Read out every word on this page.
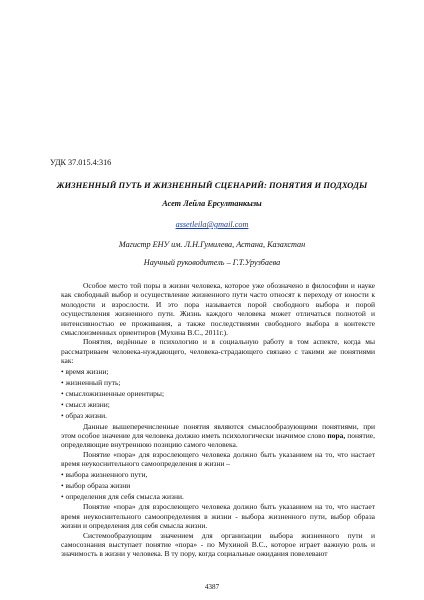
УДК 37.015.4:316
ЖИЗНЕННЫЙ ПУТЬ И ЖИЗНЕННЫЙ СЦЕНАРИЙ: ПОНЯТИЯ И ПОДХОДЫ
Асет Лейла Ерсултанкызы
assetleila@gmail.com
Магистр ЕНУ им. Л.Н.Гумилева, Астана, Казахстан
Научный руководитель – Г.Т.Урузбаева

Особое место той поры в жизни человека, которое уже обозначено в философии и науке как свободный выбор и осуществление жизненного пути часто относят к переходу от юности к молодости и взрослости. И это пора называется порой свободного выбора и порой осуществления жизненного пути. Жизнь каждого человека может отличаться полнотой и интенсивностью ее проживания, а также последствиями свободного выбора в контексте смыслоизменных ориентиров (Мухина В.С., 2011г.).

Понятия, ведённые в психологию и в социальную работу в том аспекте, когда мы рассматриваем человека-нуждающего, человека-страдающего связано с такими же понятиями как:

• время жизни;
• жизненный путь;
• смысложизненные ориентиры;
• смысл жизни;
• образ жизни.

Данные вышеперечисленные понятия являются смыслообразующими понятиями, при этом особое значение для человека должно иметь психологически значимое слово пора, понятие, определяющие внутреннюю позицию самого человека.

Понятие «пора» для взрослеющего человека должно быть указанием на то, что настает время неукоснительного самоопределения в жизни –

• выбора жизненного пути,
• выбор образа жизни
• определения для себя смысла жизни.

Понятие «пора» для взрослеющего человека должно быть указанием на то, что настает время неукоснительного самоопределения в жизни - выбора жизненного пути, выбор образа жизни и определения для себя смысла жизни.

Системообразующим значением для организации выбора жизненного пути и самосознания выступает понятие «пора» - по Мухиной В.С., которое играет важную роль и значимость в жизни у человека. В ту пору, когда социальные ожидания повелевают

4387
